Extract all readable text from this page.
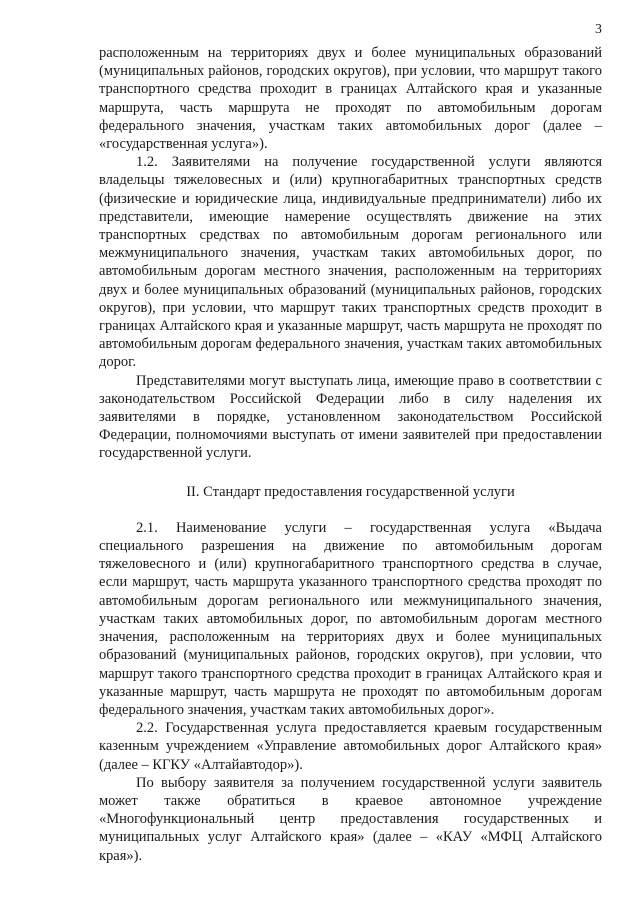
3

расположенным на территориях двух и более муниципальных образований (муниципальных районов, городских округов), при условии, что маршрут такого транспортного средства проходит в границах Алтайского края и указанные маршрута, часть маршрута не проходят по автомобильным дорогам федерального значения, участкам таких автомобильных дорог (далее – «государственная услуга»).

1.2. Заявителями на получение государственной услуги являются владельцы тяжеловесных и (или) крупногабаритных транспортных средств (физические и юридические лица, индивидуальные предприниматели) либо их представители, имеющие намерение осуществлять движение на этих транспортных средствах по автомобильным дорогам регионального или межмуниципального значения, участкам таких автомобильных дорог, по автомобильным дорогам местного значения, расположенным на территориях двух и более муниципальных образований (муниципальных районов, городских округов), при условии, что маршрут таких транспортных средств проходит в границах Алтайского края и указанные маршрут, часть маршрута не проходят по автомобильным дорогам федерального значения, участкам таких автомобильных дорог.

Представителями могут выступать лица, имеющие право в соответствии с законодательством Российской Федерации либо в силу наделения их заявителями в порядке, установленном законодательством Российской Федерации, полномочиями выступать от имени заявителей при предоставлении государственной услуги.

II. Стандарт предоставления государственной услуги

2.1. Наименование услуги – государственная услуга «Выдача специального разрешения на движение по автомобильным дорогам тяжеловесного и (или) крупногабаритного транспортного средства в случае, если маршрут, часть маршрута указанного транспортного средства проходят по автомобильным дорогам регионального или межмуниципального значения, участкам таких автомобильных дорог, по автомобильным дорогам местного значения, расположенным на территориях двух и более муниципальных образований (муниципальных районов, городских округов), при условии, что маршрут такого транспортного средства проходит в границах Алтайского края и указанные маршрут, часть маршрута не проходят по автомобильным дорогам федерального значения, участкам таких автомобильных дорог».

2.2. Государственная услуга предоставляется краевым государственным казенным учреждением «Управление автомобильных дорог Алтайского края» (далее – КГКУ «Алтайавтодор»).

По выбору заявителя за получением государственной услуги заявитель может также обратиться в краевое автономное учреждение «Многофункциональный центр предоставления государственных и муниципальных услуг Алтайского края» (далее – «КАУ «МФЦ Алтайского края»).
